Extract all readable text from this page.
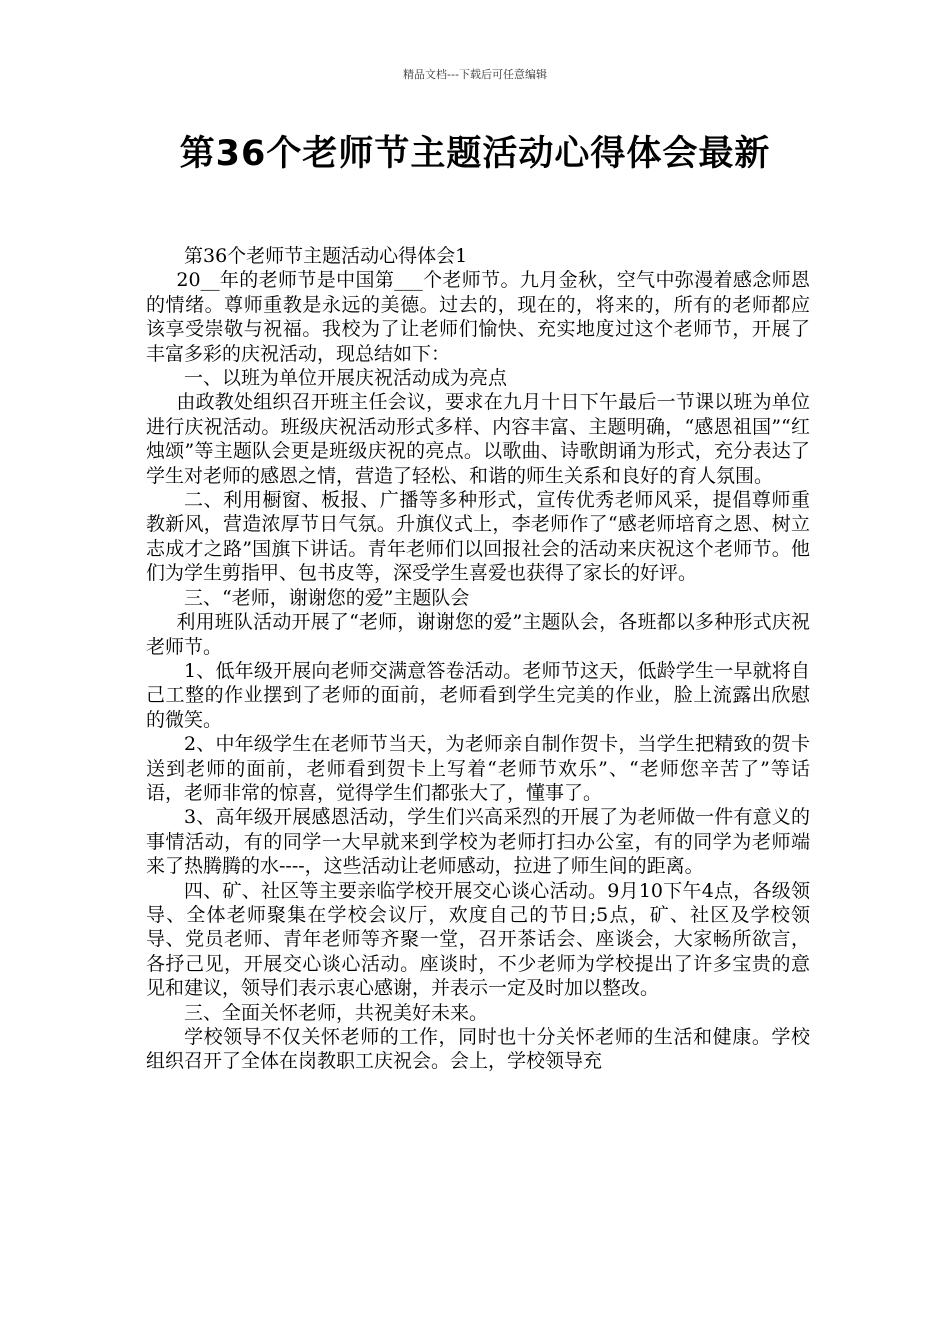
精品文档---下载后可任意编辑
第36个老师节主题活动心得体会最新

第36个老师节主题活动心得体会1

20__年的老师节是中国第___个老师节。九月金秋，空气中弥漫着感念师恩的情绪。尊师重教是永远的美德。过去的，现在的，将来的，所有的老师都应该享受崇敬与祝福。我校为了让老师们愉快、充实地度过这个老师节，开展了丰富多彩的庆祝活动，现总结如下：

一、以班为单位开展庆祝活动成为亮点

由政教处组织召开班主任会议，要求在九月十日下午最后一节课以班为单位进行庆祝活动。班级庆祝活动形式多样、内容丰富、主题明确，“感恩祖国”“红烛颂”等主题队会更是班级庆祝的亮点。以歌曲、诗歌朗诵为形式，充分表达了学生对老师的感恩之情，营造了轻松、和谐的师生关系和良好的育人氛围。

二、利用橱窗、板报、广播等多种形式，宣传优秀老师风采，提倡尊师重教新风，营造浓厚节日气氛。升旗仪式上，李老师作了“感老师培育之恩、树立志成才之路”国旗下讲话。青年老师们以回报社会的活动来庆祝这个老师节。他们为学生剪指甲、包书皮等，深受学生喜爱也获得了家长的好评。

三、“老师，谢谢您的爱”主题队会

利用班队活动开展了“老师，谢谢您的爱”主题队会，各班都以多种形式庆祝老师节。

1、低年级开展向老师交满意答卷活动。老师节这天，低龄学生一早就将自己工整的作业摆到了老师的面前，老师看到学生完美的作业，脸上流露出欣慰的微笑。

2、中年级学生在老师节当天，为老师亲自制作贺卡，当学生把精致的贺卡送到老师的面前，老师看到贺卡上写着“老师节欢乐”、“老师您辛苦了”等话语，老师非常的惊喜，觉得学生们都张大了，懂事了。

3、高年级开展感恩活动，学生们兴高采烈的开展了为老师做一件有意义的事情活动，有的同学一大早就来到学校为老师打扫办公室，有的同学为老师端来了热腾腾的水----，这些活动让老师感动，拉进了师生间的距离。

四、矿、社区等主要亲临学校开展交心谈心活动。9月10下午4点，各级领导、全体老师聚集在学校会议厅，欢度自己的节日;5点，矿、社区及学校领导、党员老师、青年老师等齐聚一堂，召开茶话会、座谈会，大家畅所欲言，各抒己见，开展交心谈心活动。座谈时，不少老师为学校提出了许多宝贵的意见和建议，领导们表示衷心感谢，并表示一定及时加以整改。

三、全面关怀老师，共祝美好未来。

学校领导不仅关怀老师的工作，同时也十分关怀老师的生活和健康。学校组织召开了全体在岗教职工庆祝会。会上，学校领导充
